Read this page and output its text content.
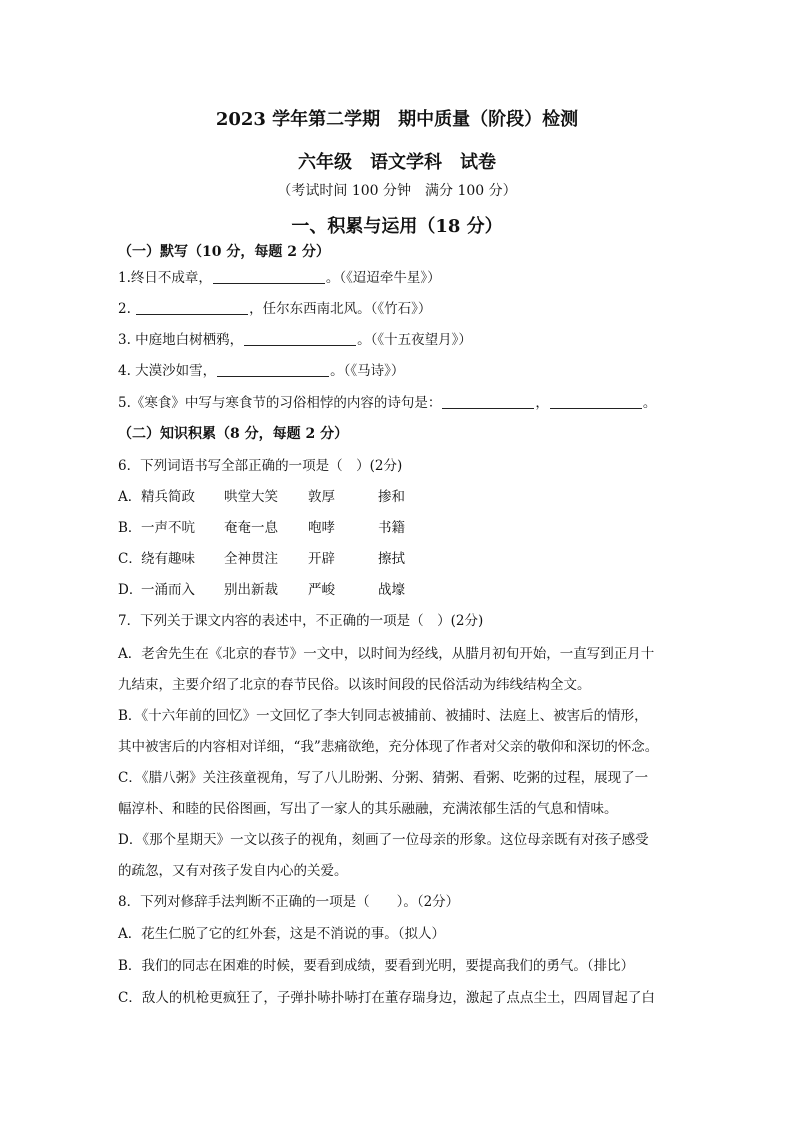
2023 学年第二学期　期中质量（阶段）检测
六年级　语文学科　试卷
（考试时间 100 分钟　满分 100 分）
一、积累与运用（18 分）
（一）默写（10 分，每题 2 分）
1.终日不成章，	。（《迢迢牵牛星》）
2.	，任尔东西南北风。（《竹石》）
3. 中庭地白树栖鸦，	。（《十五夜望月》）
4. 大漠沙如雪，	。（《马诗》）
5.《寒食》中写与寒食节的习俗相悖的内容的诗句是：	，	。
（二）知识积累（8 分，每题 2 分）
6．下列词语书写全部正确的一项是（　）(2分)
A． 精兵简政 哄堂大笑 敦厚	掺和
B． 一声不吭 奄奄一息 咆哮	书籍
C． 绕有趣味 全神贯注 开辟	擦拭
D．
一涌而入 别出新裁 严峻	战壕
7．下列关于课文内容的表述中，不正确的一项是（　）(2分)
A．老舍先生在《北京的春节》一文中，以时间为经线，从腊月初旬开始，一直写到正月十
九结束，主要介绍了北京的春节民俗。以该时间段的民俗活动为纬线结构全文。
B．《十六年前的回忆》一文回忆了李大钊同志被捕前、被捕时、法庭上、被害后的情形，
其中被害后的内容相对详细，“我”悲痛欲绝，充分体现了作者对父亲的敬仰和深切的怀念。
C．《腊八粥》关注孩童视角，写了八儿盼粥、分粥、猜粥、看粥、吃粥的过程，展现了一
幅淳朴、和睦的民俗图画，写出了一家人的其乐融融，充满浓郁生活的气息和情味。
D．《那个星期天》一文以孩子的视角，刻画了一位母亲的形象。这位母亲既有对孩子感受
的疏忽，又有对孩子发自内心的关爱。
8．下列对修辞手法判断不正确的一项是（　　）。（2分）
A．花生仁脱了它的红外套，这是不消说的事。（拟人）
B．我们的同志在困难的时候，要看到成绩，要看到光明，要提高我们的勇气。（排比）
C．敌人的机枪更疯狂了，子弹扑哧扑哧打在董存瑞身边，激起了点点尘土，四周冒起了白
